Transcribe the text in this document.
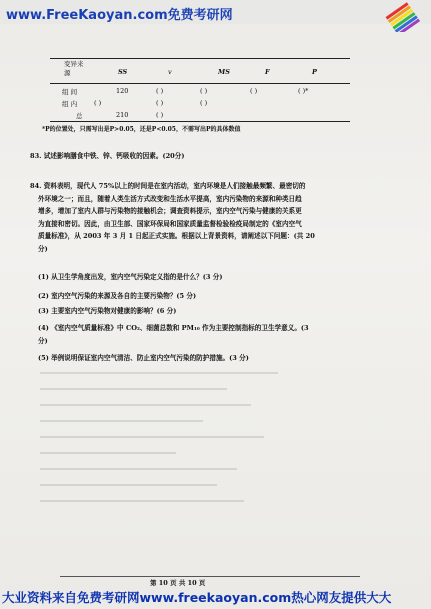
www.FreeKaoyan.com免费考研网
变异来源	SS	v	MS	F	P
组 间	120	( )	( )	( )	( )*
组 内	( )	( )	( )
总	210	( )
*P的位置处，只需写出是P>0.05，还是P<0.05，不需写出P的具体数值
83. 试述影响膳食中铁、锌、钙吸收的因素。(20分)
84. 资料表明，现代人 75%以上的时间是在室内活动，室内环境是人们接触最频繁、最密切的
外环境之一；而且，随着人类生活方式改变和生活水平提高，室内污染物的来源和种类日趋
增多，增加了室内人群与污染物的接触机会；调查资料提示，室内空气污染与健康的关系更
为直接和密切。因此，由卫生部、国家环保局和国家质量监督检验检疫局制定的《室内空气
质量标准》，从 2003 年 3 月 1 日起正式实施。根据以上背景资料，请阐述以下问题：(共 20
分)
(1) 从卫生学角度出发，室内空气污染定义指的是什么？(3 分)
(2) 室内空气污染的来源及各自的主要污染物？(5 分)
(3) 主要室内空气污染物对健康的影响？(6 分)
(4) 《室内空气质量标准》中 CO₂、细菌总数和 PM₁₀ 作为主要控制指标的卫生学意义。(3
分)
(5) 举例说明保证室内空气清洁、防止室内空气污染的防护措施。(3 分)
第 10 页 共 10 页
大业资料来自免费考研网www.freekaoyan.com热心网友提供大大
